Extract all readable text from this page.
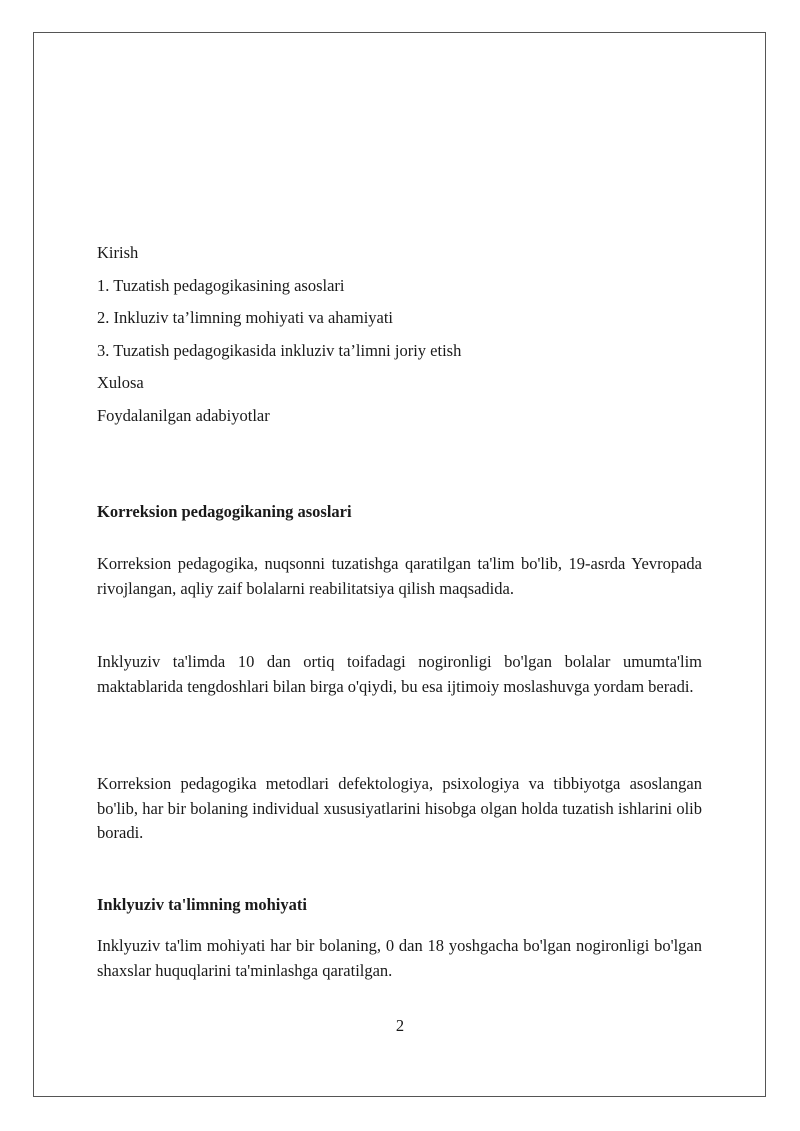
Kirish
1. Tuzatish pedagogikasining asoslari
2. Inkluziv ta’limning mohiyati va ahamiyati
3. Tuzatish pedagogikasida inkluziv ta’limni joriy etish
Xulosa
Foydalanilgan adabiyotlar
Korreksion pedagogikaning asoslari

Korreksion pedagogika, nuqsonni tuzatishga qaratilgan ta'lim bo'lib, 19-asrda Yevropada rivojlangan, aqliy zaif bolalarni reabilitatsiya qilish maqsadida.

Inklyuziv ta'limda 10 dan ortiq toifadagi nogironligi bo'lgan bolalar umumta'lim maktablarida tengdoshlari bilan birga o'qiydi, bu esa ijtimoiy moslashuvga yordam beradi.

Korreksion pedagogika metodlari defektologiya, psixologiya va tibbiyotga asoslangan bo'lib, har bir bolaning individual xususiyatlarini hisobga olgan holda tuzatish ishlarini olib boradi.

Inklyuziv ta'limning mohiyati

Inklyuziv ta'lim mohiyati har bir bolaning, 0 dan 18 yoshgacha bo'lgan nogironligi bo'lgan shaxslar huquqlarini ta'minlashga qaratilgan.

2
